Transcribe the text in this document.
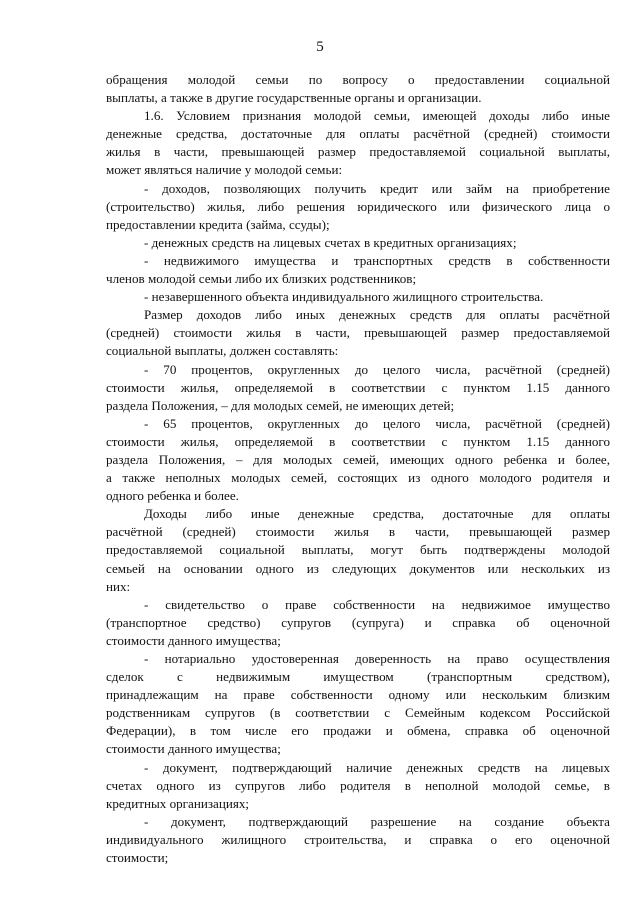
5
обращения молодой семьи по вопросу о предоставлении социальной
выплаты, а также в другие государственные органы и организации.
1.6. Условием признания молодой семьи, имеющей доходы либо иные
денежные средства, достаточные для оплаты расчётной (средней) стоимости
жилья в части, превышающей размер предоставляемой социальной выплаты,
может являться наличие у молодой семьи:
- доходов, позволяющих получить кредит или займ на приобретение
(строительство) жилья, либо решения юридического или физического лица о
предоставлении кредита (займа, ссуды);
- денежных средств на лицевых счетах в кредитных организациях;
- недвижимого имущества и транспортных средств в собственности
членов молодой семьи либо их близких родственников;
- незавершенного объекта индивидуального жилищного строительства.
Размер доходов либо иных денежных средств для оплаты расчётной
(средней) стоимости жилья в части, превышающей размер предоставляемой
социальной выплаты, должен составлять:
- 70 процентов, округленных до целого числа, расчётной (средней)
стоимости жилья, определяемой в соответствии с пунктом 1.15 данного
раздела Положения, – для молодых семей, не имеющих детей;
- 65 процентов, округленных до целого числа, расчётной (средней)
стоимости жилья, определяемой в соответствии с пунктом 1.15 данного
раздела Положения, – для молодых семей, имеющих одного ребенка и более,
а также неполных молодых семей, состоящих из одного молодого родителя и
одного ребенка и более.
Доходы либо иные денежные средства, достаточные для оплаты
расчётной (средней) стоимости жилья в части, превышающей размер
предоставляемой социальной выплаты, могут быть подтверждены молодой
семьей на основании одного из следующих документов или нескольких из
них:
- свидетельство о праве собственности на недвижимое имущество
(транспортное средство) супругов (супруга) и справка об оценочной
стоимости данного имущества;
- нотариально удостоверенная доверенность на право осуществления
сделок с недвижимым имуществом (транспортным средством),
принадлежащим на праве собственности одному или нескольким близким
родственникам супругов (в соответствии с Семейным кодексом Российской
Федерации), в том числе его продажи и обмена, справка об оценочной
стоимости данного имущества;
- документ, подтверждающий наличие денежных средств на лицевых
счетах одного из супругов либо родителя в неполной молодой семье, в
кредитных организациях;
- документ, подтверждающий разрешение на создание объекта
индивидуального жилищного строительства, и справка о его оценочной
стоимости;
